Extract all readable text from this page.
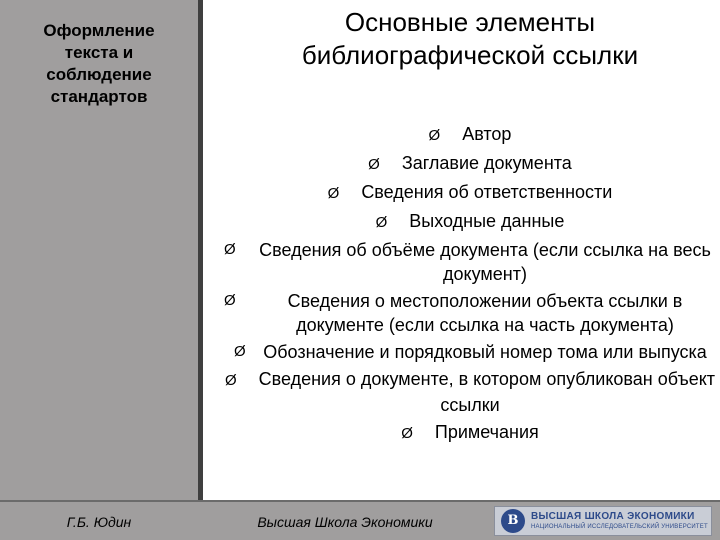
Оформление
текста и
соблюдение
стандартов
Основные элементы
библиографической ссылки
Ø Автор
Ø Заглавие документа
Ø Сведения об ответственности
Ø Выходные данные
Ø	Сведения об объёме документа (если ссылка на весь документ)
Ø	Сведения о местоположении объекта ссылки в документе (если ссылка на часть документа)
Ø Обозначение и порядковый номер тома или выпуска
Ø Сведения о документе, в котором опубликован объект ссылки
Ø Примечания
Г.Б. Юдин	Высшая Школа Экономики	В	ВЫСШАЯ ШКОЛА ЭКОНОМИКИ
НАЦИОНАЛЬНЫЙ ИССЛЕДОВАТЕЛЬСКИЙ УНИВЕРСИТЕТ
